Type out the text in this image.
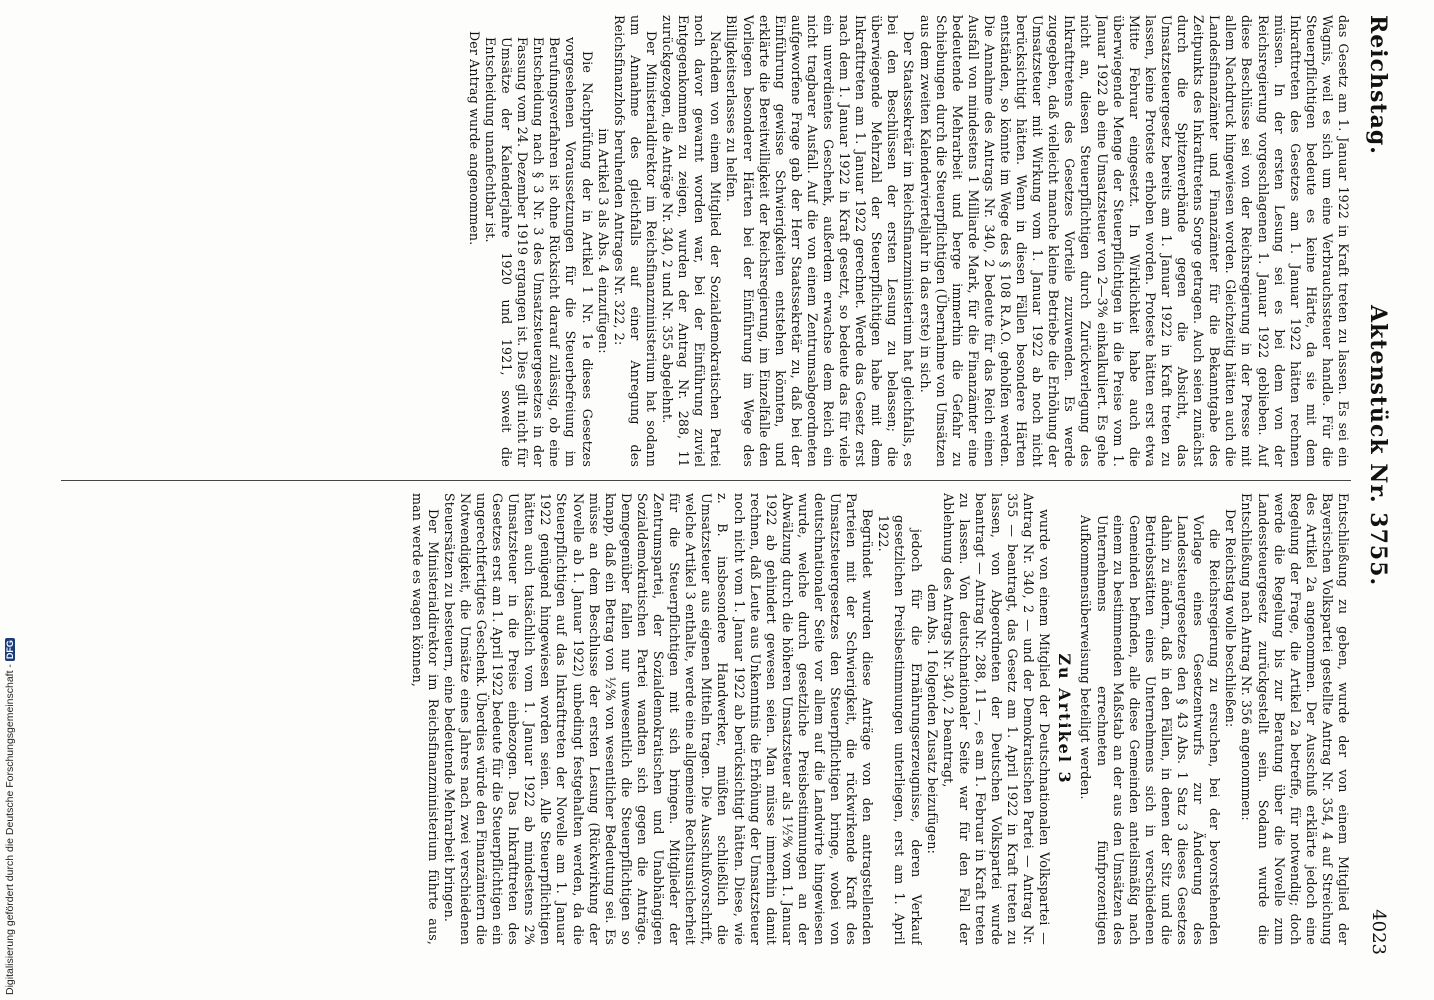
Reichstag.
Aktenstück Nr. 3755.
4023

das Gesetz am 1. Januar 1922 in Kraft treten zu lassen. Es sei ein Wagnis, weil es sich um eine Verbrauchssteuer handle. Für die Steuerpflichtigen bedeute es keine Härte, da sie mit dem Inkrafttreten des Gesetzes am 1. Januar 1922 hätten rechnen müssen. In der ersten Lesung sei es bei dem von der Reichsregierung vorgeschlagenen 1. Januar 1922 geblieben. Auf diese Beschlüsse sei von der Reichsregierung in der Presse mit allem Nachdruck hingewiesen worden. Gleichzeitig hätten auch die Landesfinanzämter und Finanzämter für die Bekanntgabe des Zeitpunkts des Inkrafttretens Sorge getragen. Auch seien zunächst durch die Spitzenverbände gegen die Absicht, das Umsatzsteuergesetz bereits am 1. Januar 1922 in Kraft treten zu lassen, keine Proteste erhoben worden. Proteste hätten erst etwa Mitte Februar eingesetzt. In Wirklichkeit habe auch die überwiegende Menge der Steuerpflichtigen in die Preise vom 1. Januar 1922 ab eine Umsatzsteuer von 2—3% einkalkuliert. Es gehe nicht an, diesen Steuerpflichtigen durch Zurückverlegung des Inkrafttretens des Gesetzes Vorteile zuzuwenden. Es werde zugegeben, daß vielleicht manche kleine Betriebe die Erhöhung der Umsatzsteuer mit Wirkung vom 1. Januar 1922 ab noch nicht berücksichtigt hätten. Wenn in diesen Fällen besondere Härten entständen, so könnte im Wege des § 108 R.A.O. geholfen werden. Die Annahme des Antrags Nr. 340, 2 bedeute für das Reich einen Ausfall von mindestens 1 Milliarde Mark, für die Finanzämter eine bedeutende Mehrarbeit und berge immerhin die Gefahr zu Schiebungen durch die Steuerpflichtigen (Übernahme von Umsätzen aus dem zweiten Kalendervierteljahr in das erste) in sich.

Der Staatssekretär im Reichsfinanzministerium hat gleichfalls, es bei den Beschlüssen der ersten Lesung zu belassen; die überwiegende Mehrzahl der Steuerpflichtigen habe mit dem Inkrafttreten am 1. Januar 1922 gerechnet. Werde das Gesetz erst nach dem 1. Januar 1922 in Kraft gesetzt, so bedeute das für viele ein unverdientes Geschenk, außerdem erwachse dem Reich ein nicht tragbarer Ausfall. Auf die von einem Zentrumsabgeordneten aufgeworfene Frage gab der Herr Staatssekretär zu, daß bei der Einführung gewisse Schwierigkeiten entstehen könnten, und erklärte die Bereitwilligkeit der Reichsregierung, im Einzelfalle den Vorliegen besonderer Härten bei der Einführung im Wege des Billigkeitserlasses zu helfen.

Nachdem von einem Mitglied der Sozialdemokratischen Partei noch davor gewarnt worden war, bei der Einführung zuviel Entgegenkommen zu zeigen, wurden der Antrag Nr. 288, 11 zurückgezogen, die Anträge Nr. 340, 2 und Nr. 355 abgelehnt.

Der Ministerialdirektor im Reichsfinanzministerium hat sodann um Annahme des gleichfalls auf einer Anregung des Reichsfinanzhofs beruhenden Antrages Nr. 322, 2:

im Artikel 3 als Abs. 4 einzufügen:

Die Nachprüfung der in Artikel 1 Nr. 1e dieses Gesetzes vorgesehenen Voraussetzungen für die Steuerbefreiung im Berufungsverfahren ist ohne Rücksicht darauf zulässig, ob eine Entscheidung nach § 3 Nr. 3 des Umsatzsteuergesetzes in der Fassung vom 24. Dezember 1919 ergangen ist. Dies gilt nicht für Umsätze der Kalenderjahre 1920 und 1921, soweit die Entscheidung unanfechtbar ist.

Der Antrag wurde angenommen.

Entschließung zu geben, wurde der von einem Mitglied der Bayerischen Volkspartei gestellte Antrag Nr. 354, 4 auf Streichung des Artikel 2a angenommen. Der Ausschuß erklärte jedoch eine Regelung der Frage, die Artikel 2a betreffe, für notwendig; doch werde die Regelung bis zur Beratung über die Novelle zum Landessteuergesetz zurückgestellt sein. Sodann wurde die Entschließung nach Antrag Nr. 356 angenommen:

Der Reichstag wolle beschließen:

die Reichsregierung zu ersuchen, bei der bevorstehenden Vorlage eines Gesetzentwurfs zur Änderung des Landessteuergesetzes den § 43 Abs. 1 Satz 3 dieses Gesetzes dahin zu ändern, daß in den Fällen, in denen der Sitz und die Betriebsstätten eines Unternehmens sich in verschiedenen Gemeinden befinden, alle diese Gemeinden anteilsmäßig nach einem zu bestimmenden Maßstab an der aus den Umsätzen des Unternehmens errechneten fünfprozentigen Aufkommensüberweisung beteiligt werden.

Zu Artikel 3

wurde von einem Mitglied der Deutschnationalen Volkspartei — Antrag Nr. 340, 2 — und der Demokratischen Partei — Antrag Nr. 355 — beantragt, das Gesetz am 1. April 1922 in Kraft treten zu lassen, von Abgeordneten der Deutschen Volkspartei wurde beantragt — Antrag Nr. 288, 11 —, es am 1. Februar in Kraft treten zu lassen. Von deutschnationaler Seite war für den Fall der Ablehnung des Antrags Nr. 340, 2 beantragt,

dem Abs. 1 folgenden Zusatz beizufügen:

jedoch für die Ernährungserzeugnisse, deren Verkauf gesetzlichen Preisbestimmungen unterliegen, erst am 1. April 1922.

Begründet wurden diese Anträge von den antragstellenden Parteien mit der Schwierigkeit, die rückwirkende Kraft des Umsatzsteuergesetzes den Steuerpflichtigen bringe, wobei von deutschnationaler Seite vor allem auf die Landwirte hingewiesen wurde, welche durch gesetzliche Preisbestimmungen an der Abwälzung durch die höheren Umsatzsteuer als 1½% vom 1. Januar 1922 ab gehindert gewesen seien. Man müsse immerhin damit rechnen, daß Leute aus Unkenntnis die Erhöhung der Umsatzsteuer noch nicht vom 1. Januar 1922 ab berücksichtigt hätten. Diese, wie z. B. insbesondere Handwerker, müßten schließlich die Umsatzsteuer aus eigenen Mitteln tragen. Die Ausschußvorschrift, welche Artikel 3 enthalte, werde eine allgemeine Rechtsunsicherheit für die Steuerpflichtigen mit sich bringen. Mitglieder der Zentrumspartei, der Sozialdemokratischen und Unabhängigen Sozialdemokratischen Partei wandten sich gegen die Anträge. Demgegenüber fallen nur unwesentlich die Steuerpflichtigen so knapp, daß ein Betrag von ½% von wesentlicher Bedeutung sei. Es müsse an dem Beschlusse der ersten Lesung (Rückwirkung der Novelle ab 1. Januar 1922) unbedingt festgehalten werden, da die Steuerpflichtigen auf das Inkrafttreten der Novelle am 1. Januar 1922 genügend hingewiesen worden seien. Alle Steuerpflichtigen hätten auch tatsächlich vom 1. Januar 1922 ab mindestens 2% Umsatzsteuer in die Preise einbezogen. Das Inkrafttreten des Gesetzes erst am 1. April 1922 bedeute für die Steuerpflichtigen ein ungerechtfertigtes Geschenk. Überdies würde den Finanzämtern die Notwendigkeit, die Umsätze eines Jahres nach zwei verschiedenen Steuersätzen zu besteuern, eine bedeutende Mehrarbeit bringen.

Der Ministerialdirektor im Reichsfinanzministerium führte aus, man werde es wagen können,

Digitalisierung gefördert durch die Deutsche Forschungsgemeinschaft -DFG
